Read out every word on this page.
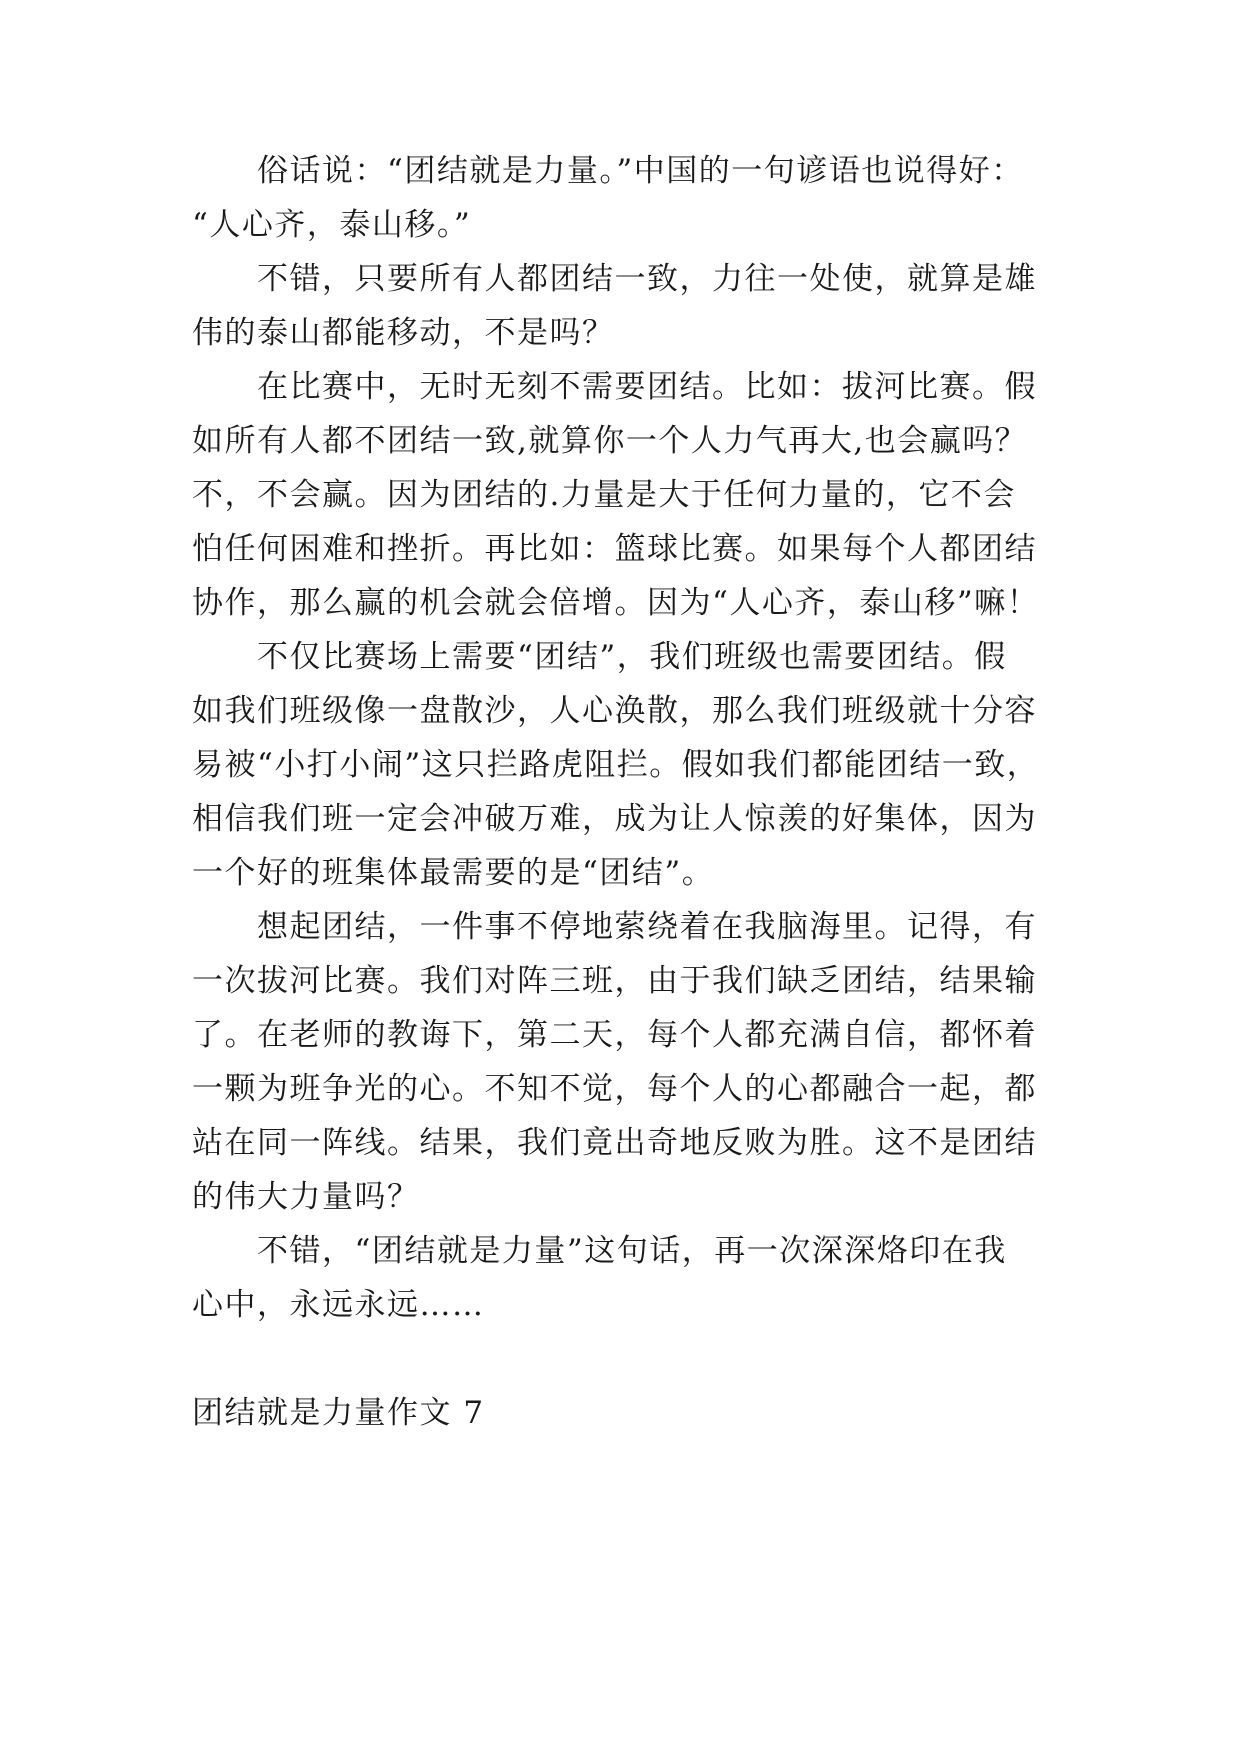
俗话说：“团结就是力量。”中国的一句谚语也说得好：
“人心齐，泰山移。”
不错，只要所有人都团结一致，力往一处使，就算是雄
伟的泰山都能移动，不是吗？
在比赛中，无时无刻不需要团结。比如：拔河比赛。假
如所有人都不团结一致,就算你一个人力气再大,也会赢吗？
不，不会赢。因为团结的.力量是大于任何力量的，它不会
怕任何困难和挫折。再比如：篮球比赛。如果每个人都团结
协作，那么赢的机会就会倍增。因为“人心齐，泰山移”嘛！
不仅比赛场上需要“团结”，我们班级也需要团结。假
如我们班级像一盘散沙，人心涣散，那么我们班级就十分容
易被“小打小闹”这只拦路虎阻拦。假如我们都能团结一致，
相信我们班一定会冲破万难，成为让人惊羡的好集体，因为
一个好的班集体最需要的是“团结”。
想起团结，一件事不停地萦绕着在我脑海里。记得，有
一次拔河比赛。我们对阵三班，由于我们缺乏团结，结果输
了。在老师的教诲下，第二天，每个人都充满自信，都怀着
一颗为班争光的心。不知不觉，每个人的心都融合一起，都
站在同一阵线。结果，我们竟出奇地反败为胜。这不是团结
的伟大力量吗？
不错，“团结就是力量”这句话，再一次深深烙印在我
心中，永远永远……
团结就是力量作文 7
